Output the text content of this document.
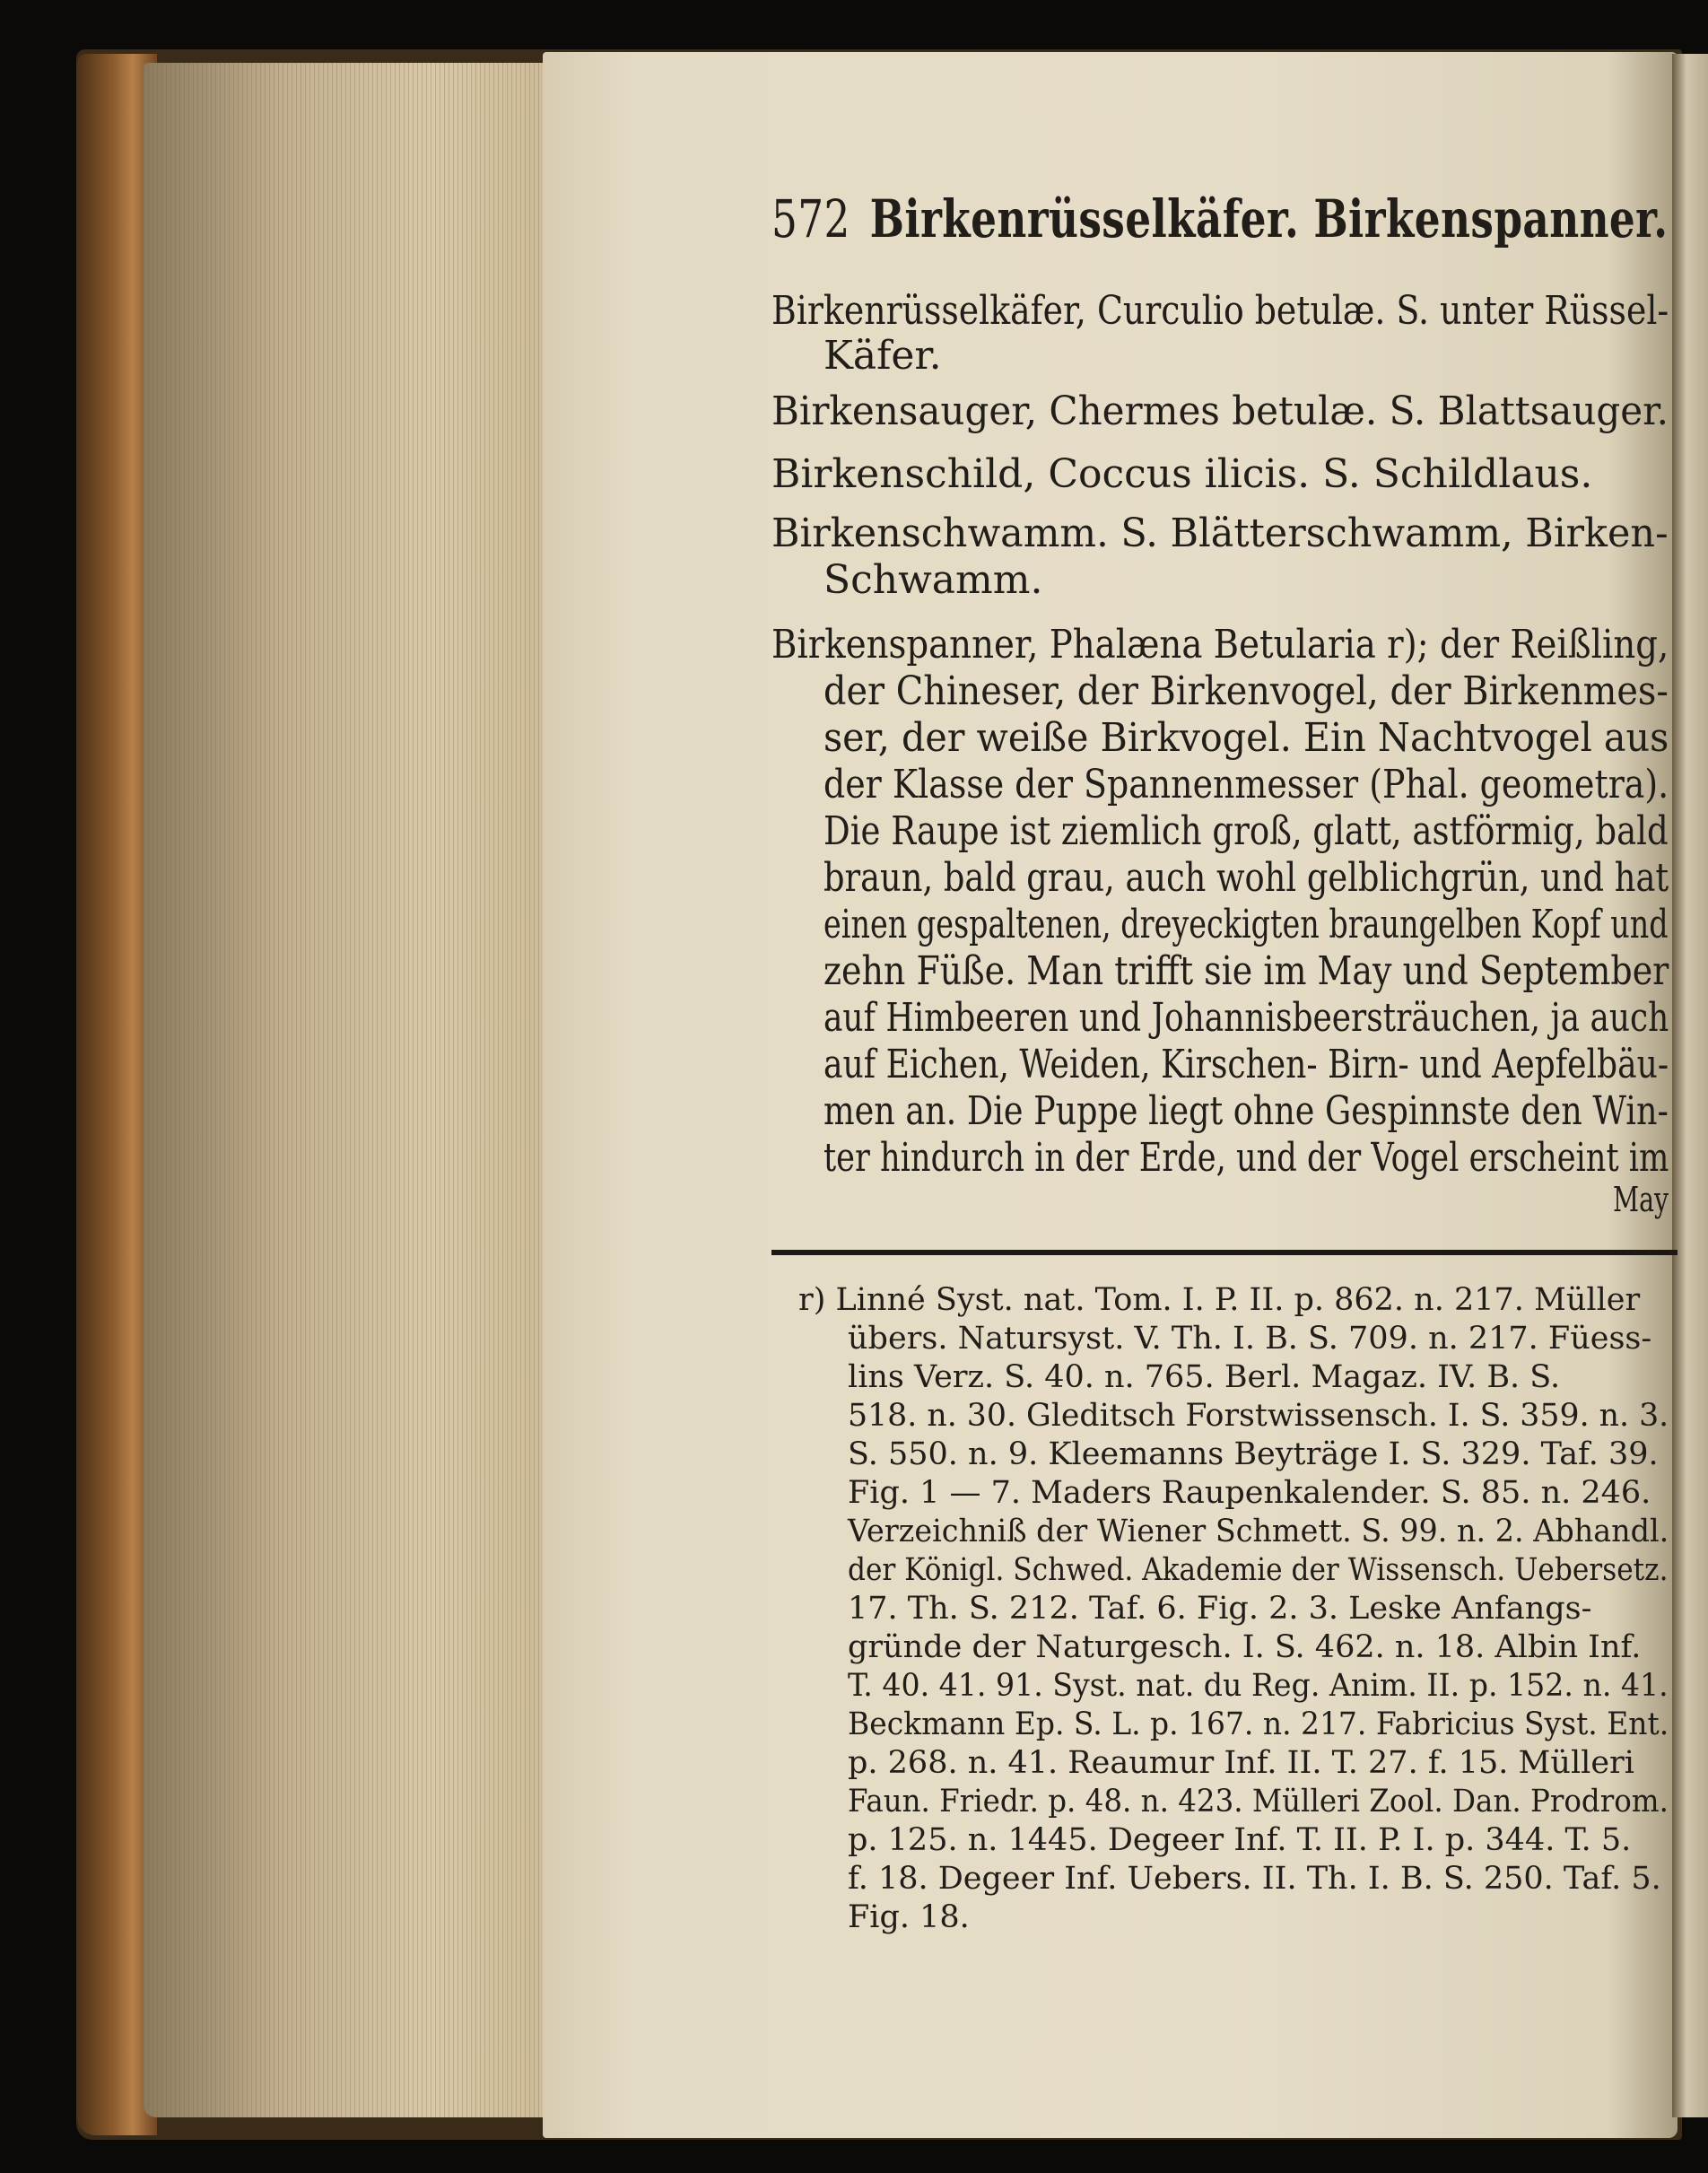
572 Birkenrüsselkäfer. Birkenspanner.
Birkenrüsselkäfer, Curculio betulæ. S. unter Rüssel-
Käfer.
Birkensauger, Chermes betulæ. S. Blattsauger.
Birkenschild, Coccus ilicis. S. Schildlaus.
Birkenschwamm. S. Blätterschwamm, Birken-
Schwamm.
Birkenspanner, Phalæna Betularia r); der Reißling,
der Chineser, der Birkenvogel, der Birkenmes-
ser, der weiße Birkvogel. Ein Nachtvogel aus
der Klasse der Spannenmesser (Phal. geometra).
Die Raupe ist ziemlich groß, glatt, astförmig, bald
braun, bald grau, auch wohl gelblichgrün, und hat
einen gespaltenen, dreyeckigten braungelben Kopf und
zehn Füße. Man trifft sie im May und September
auf Himbeeren und Johannisbeersträuchen, ja auch
auf Eichen, Weiden, Kirschen- Birn- und Aepfelbäu-
men an. Die Puppe liegt ohne Gespinnste den Win-
ter hindurch in der Erde, und der Vogel erscheint im
May
r) Linné Syst. nat. Tom. I. P. II. p. 862. n. 217. Müller
übers. Natursyst. V. Th. I. B. S. 709. n. 217. Füess-
lins Verz. S. 40. n. 765. Berl. Magaz. IV. B. S.
518. n. 30. Gleditsch Forstwissensch. I. S. 359. n. 3.
S. 550. n. 9. Kleemanns Beyträge I. S. 329. Taf. 39.
Fig. 1 — 7. Maders Raupenkalender. S. 85. n. 246.
Verzeichniß der Wiener Schmett. S. 99. n. 2. Abhandl.
der Königl. Schwed. Akademie der Wissensch. Uebersetz.
17. Th. S. 212. Taf. 6. Fig. 2. 3. Leske Anfangs-
gründe der Naturgesch. I. S. 462. n. 18. Albin Inf.
T. 40. 41. 91. Syst. nat. du Reg. Anim. II. p. 152. n. 41.
Beckmann Ep. S. L. p. 167. n. 217. Fabricius Syst. Ent.
p. 268. n. 41. Reaumur Inf. II. T. 27. f. 15. Mülleri
Faun. Friedr. p. 48. n. 423. Mülleri Zool. Dan. Prodrom.
p. 125. n. 1445. Degeer Inf. T. II. P. I. p. 344. T. 5.
f. 18. Degeer Inf. Uebers. II. Th. I. B. S. 250. Taf. 5.
Fig. 18.
